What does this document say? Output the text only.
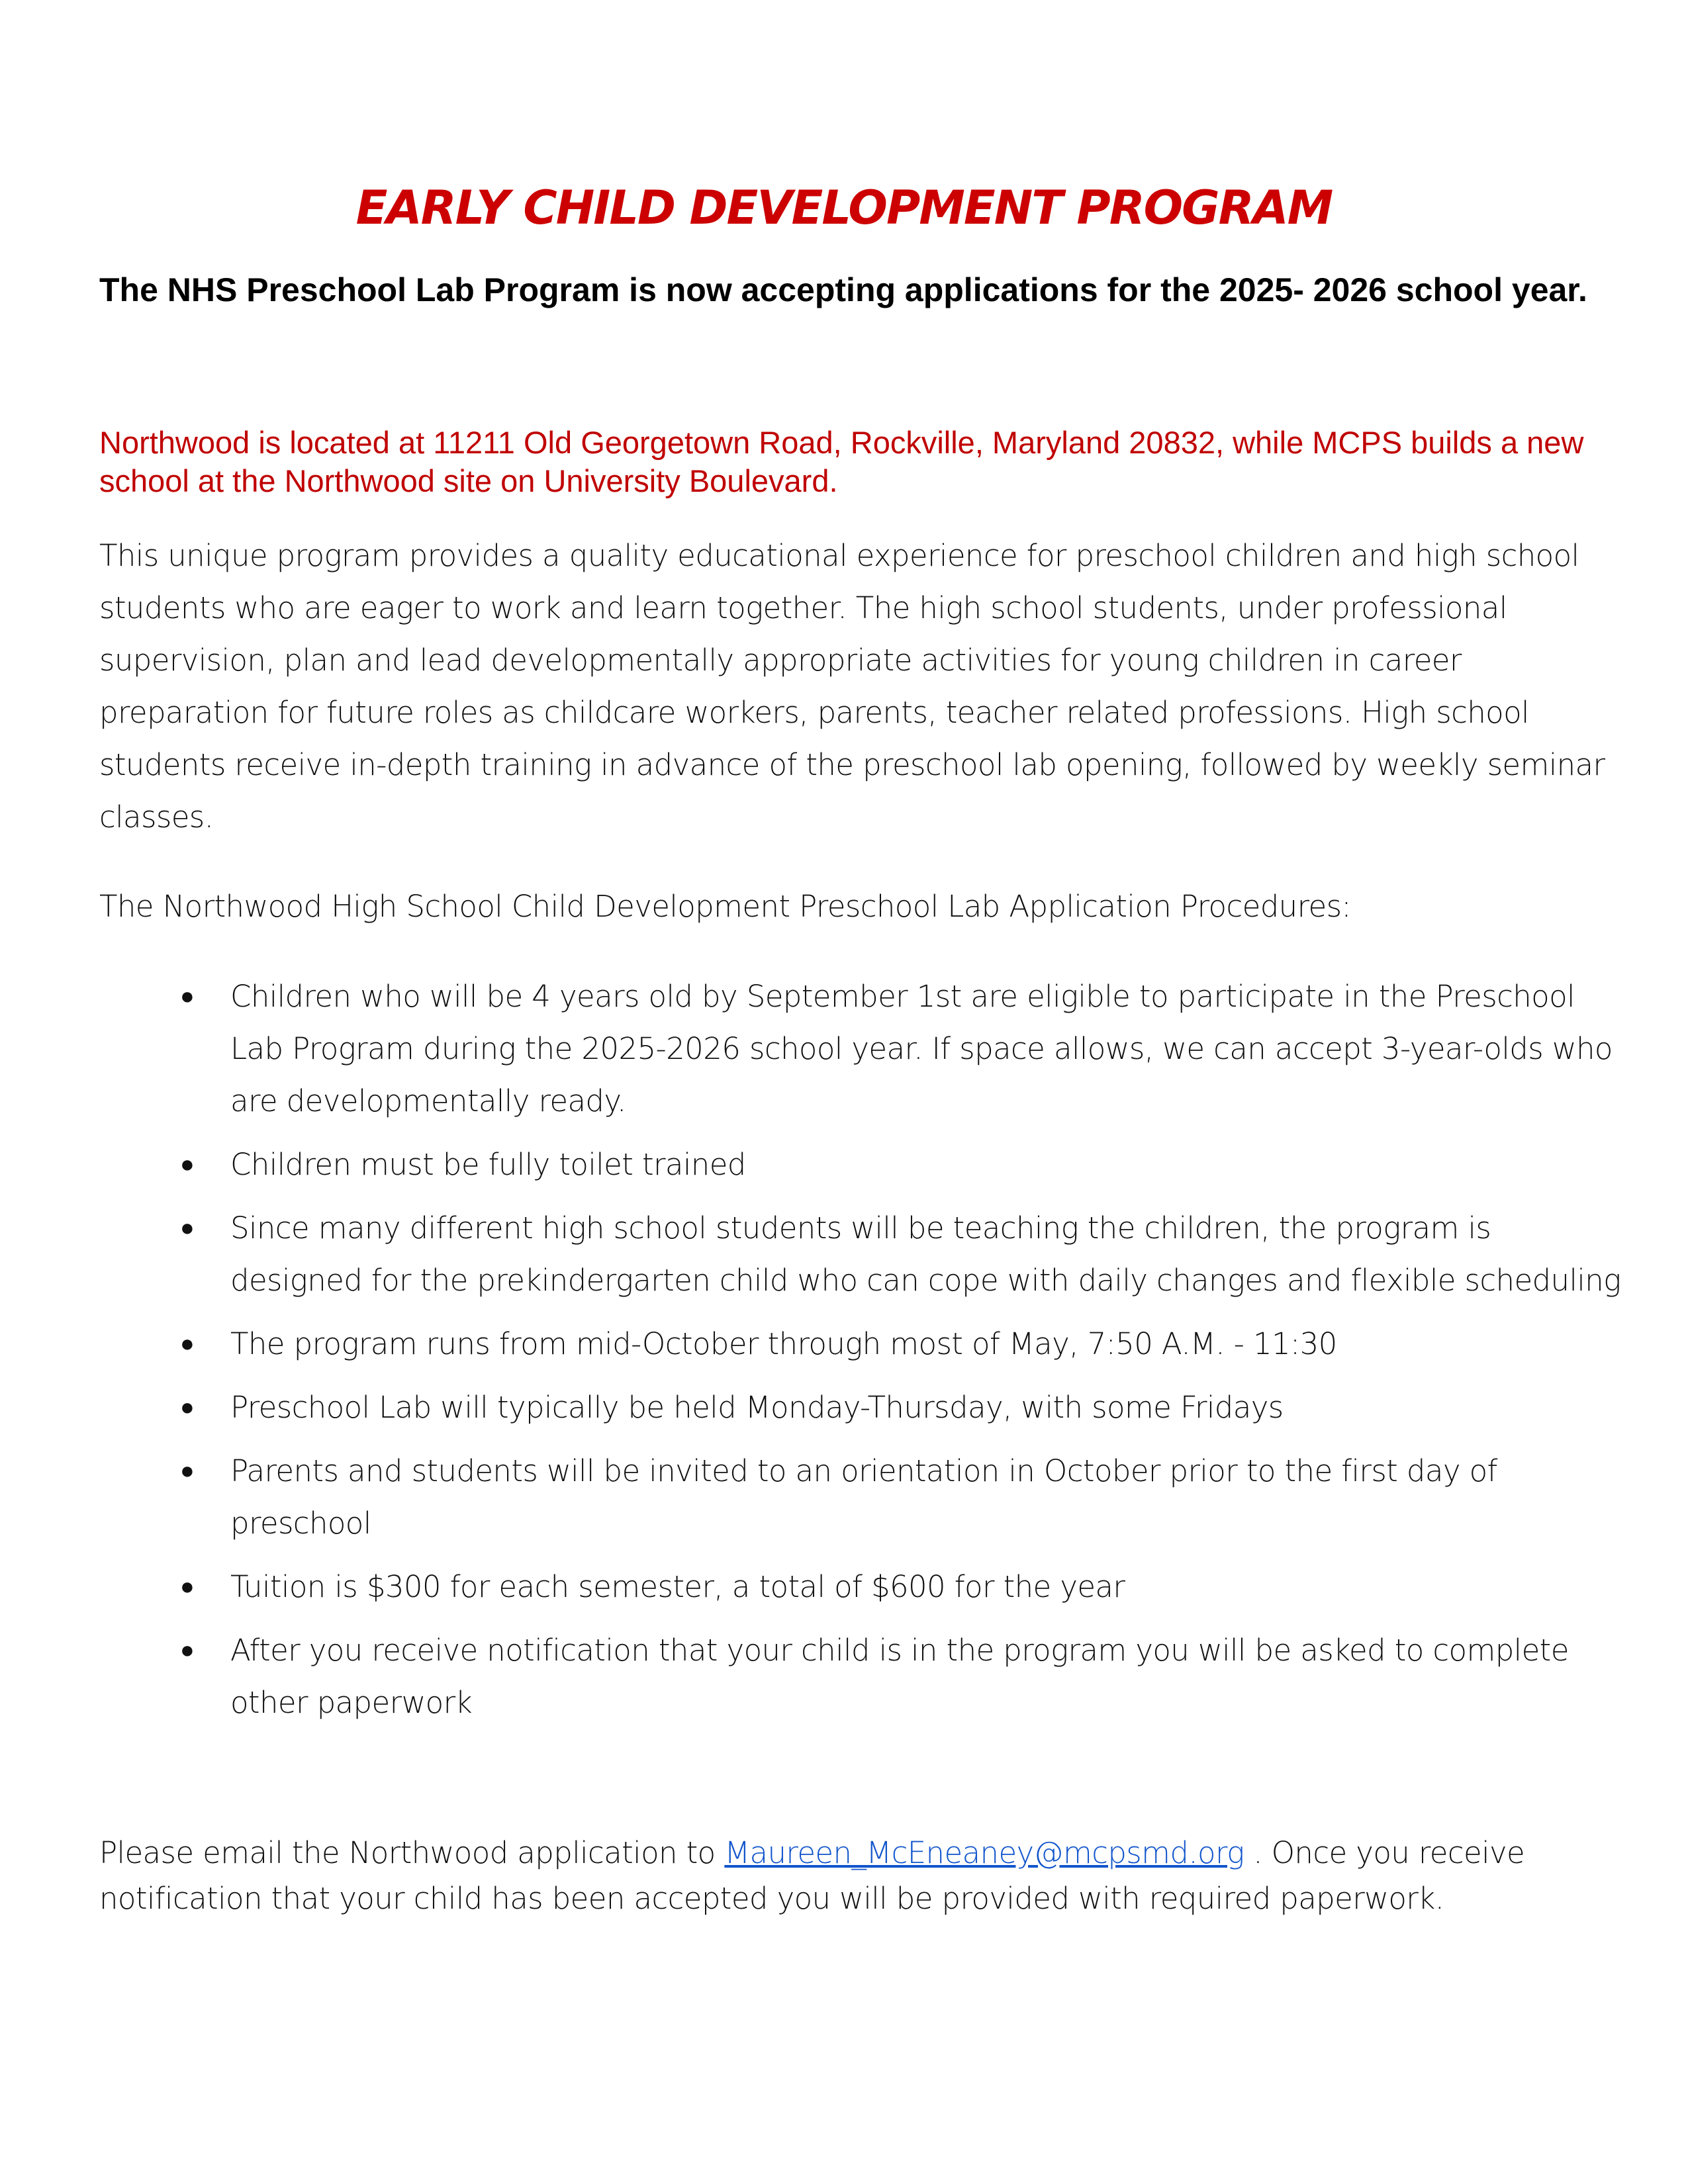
EARLY CHILD DEVELOPMENT PROGRAM
The NHS Preschool Lab Program is now accepting applications for the 2025- 2026 school year.
Northwood is located at 11211 Old Georgetown Road, Rockville, Maryland 20832, while MCPS builds a new school at the Northwood site on University Boulevard.
This unique program provides a quality educational experience for preschool children and high school students who are eager to work and learn together. The high school students, under professional supervision, plan and lead developmentally appropriate activities for young children in career preparation for future roles as childcare workers, parents, teacher related professions. High school students receive in-depth training in advance of the preschool lab opening, followed by weekly seminar classes.
The Northwood High School Child Development Preschool Lab Application Procedures:
● Children who will be 4 years old by September 1st are eligible to participate in the Preschool Lab Program during the 2025-2026 school year. If space allows, we can accept 3-year-olds who are developmentally ready.
● Children must be fully toilet trained
● Since many different high school students will be teaching the children, the program is designed for the prekindergarten child who can cope with daily changes and flexible scheduling
● The program runs from mid-October through most of May, 7:50 A.M. - 11:30
● Preschool Lab will typically be held Monday-Thursday, with some Fridays
● Parents and students will be invited to an orientation in October prior to the first day of preschool
● Tuition is $300 for each semester, a total of $600 for the year
● After you receive notification that your child is in the program you will be asked to complete other paperwork
Please email the Northwood application to Maureen_McEneaney@mcpsmd.org . Once you receive notification that your child has been accepted you will be provided with required paperwork.
